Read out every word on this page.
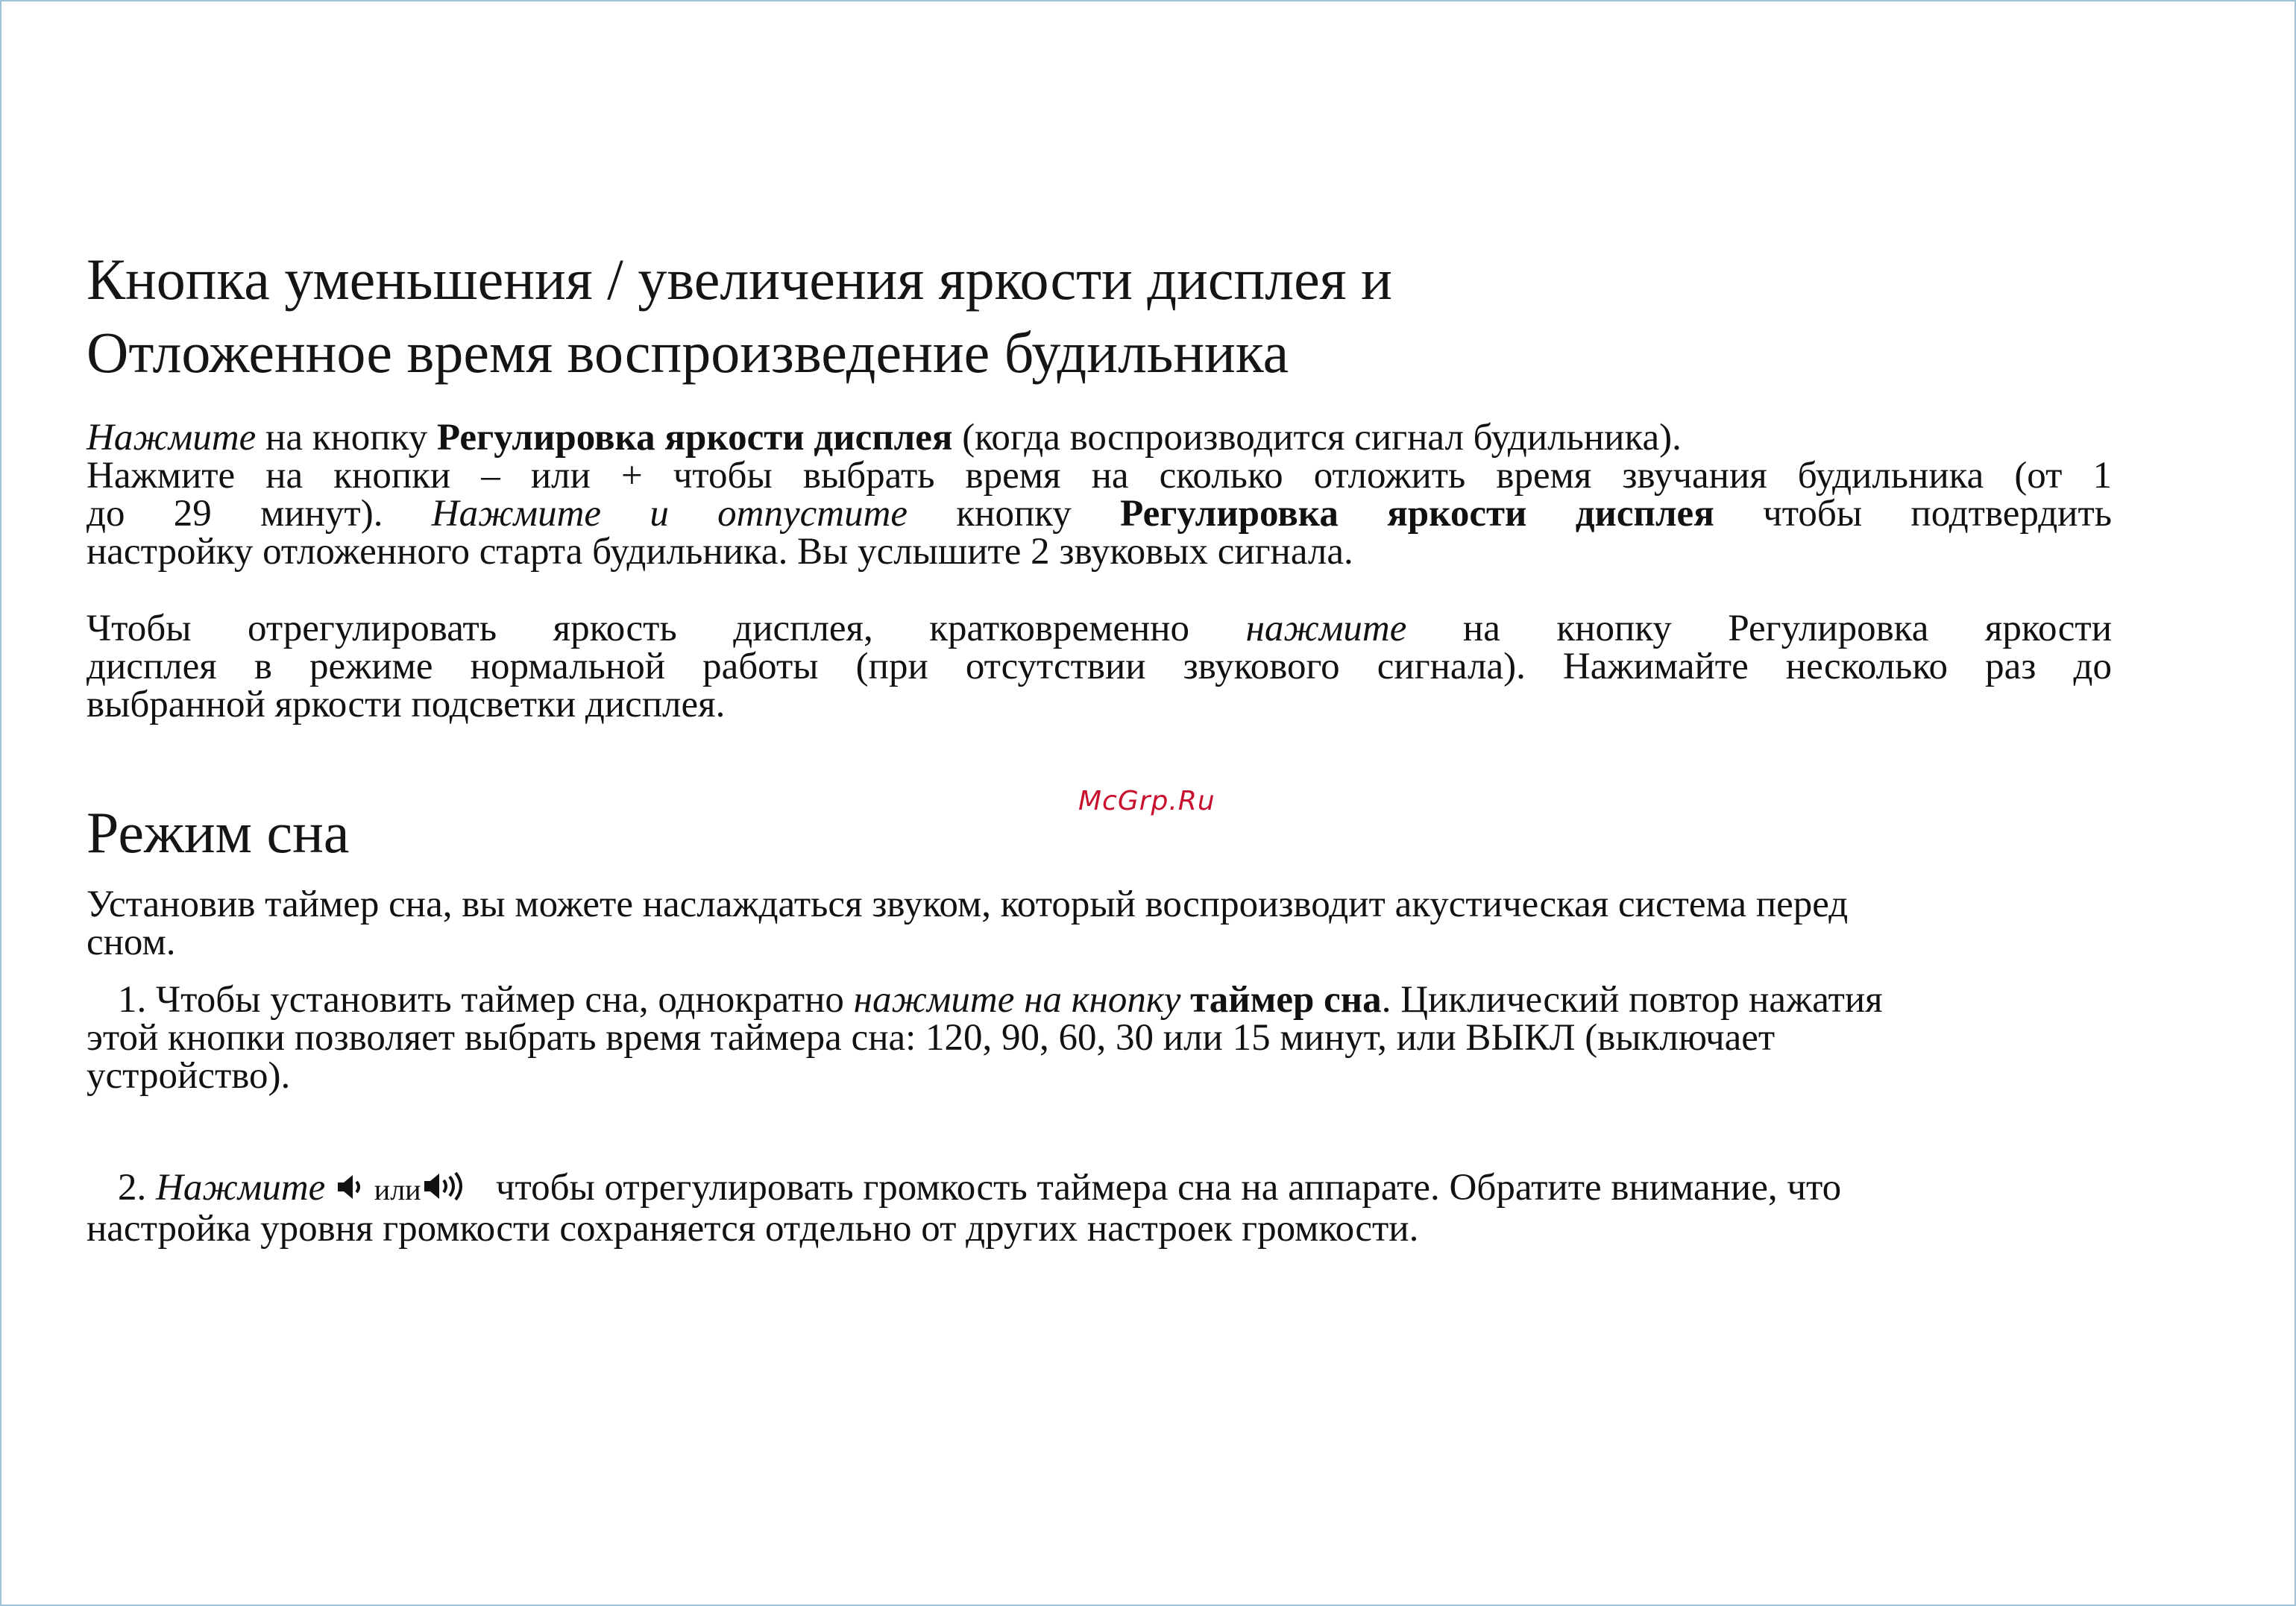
McGrp.Ru
Кнопка уменьшения / увеличения яркости дисплея и
Отложенное время воспроизведение будильника
Нажмите на кнопку Регулировка яркости дисплея (когда воспроизводится сигнал будильника).
Нажмите на кнопки – или + чтобы выбрать время на сколько отложить время звучания будильника (от 1
до 29 минут). Нажмите и отпустите кнопку Регулировка яркости дисплея чтобы подтвердить
настройку отложенного старта будильника. Вы услышите 2 звуковых сигнала.
Чтобы отрегулировать яркость дисплея, кратковременно нажмите на кнопку Регулировка яркости
дисплея в режиме нормальной работы (при отсутствии звукового сигнала). Нажимайте несколько раз до
выбранной яркости подсветки дисплея.
Режим сна
Установив таймер сна, вы можете наслаждаться звуком, который воспроизводит акустическая система перед
сном.
1. Чтобы установить таймер сна, однократно нажмите на кнопку таймер сна. Циклический повтор нажатия
этой кнопки позволяет выбрать время таймера сна: 120, 90, 60, 30 или 15 минут, или ВЫКЛ (выключает
устройство).
2. Нажмите или чтобы отрегулировать громкость таймера сна на аппарате. Обратите внимание, что
настройка уровня громкости сохраняется отдельно от других настроек громкости.
